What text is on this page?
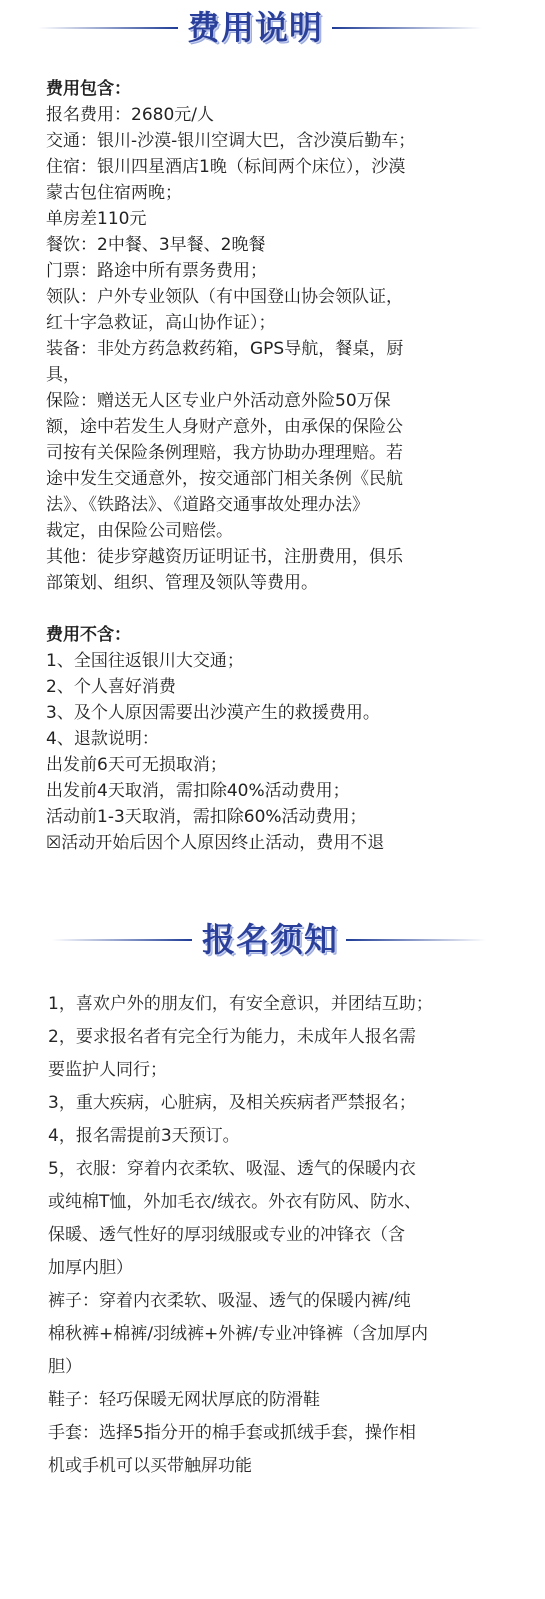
费用说明

费用包含：

报名费用：2680元/人

交通：银川-沙漠-银川空调大巴，含沙漠后勤车；

住宿：银川四星酒店1晚（标间两个床位），沙漠

蒙古包住宿两晚；

单房差110元

餐饮：2中餐、3早餐、2晚餐

门票：路途中所有票务费用；

领队：户外专业领队（有中国登山协会领队证，

红十字急救证，高山协作证）；

装备：非处方药急救药箱，GPS导航，餐桌，厨

具，

保险：赠送无人区专业户外活动意外险50万保

额，途中若发生人身财产意外，由承保的保险公

司按有关保险条例理赔，我方协助办理理赔。若

途中发生交通意外，按交通部门相关条例《民航

法》、《铁路法》、《道路交通事故处理办法》

裁定，由保险公司赔偿。

其他：徒步穿越资历证明证书，注册费用，俱乐

部策划、组织、管理及领队等费用。

费用不含：

1、全国往返银川大交通；

2、个人喜好消费

3、及个人原因需要出沙漠产生的救援费用。

4、退款说明：

出发前6天可无损取消；

出发前4天取消，需扣除40%活动费用；

活动前1-3天取消，需扣除60%活动费用；

☒活动开始后因个人原因终止活动，费用不退

报名须知

1，喜欢户外的朋友们，有安全意识，并团结互助；

2，要求报名者有完全行为能力，未成年人报名需

要监护人同行；

3，重大疾病，心脏病，及相关疾病者严禁报名；

4，报名需提前3天预订。

5，衣服：穿着内衣柔软、吸湿、透气的保暖内衣

或纯棉T恤，外加毛衣/绒衣。外衣有防风、防水、

保暖、透气性好的厚羽绒服或专业的冲锋衣（含

加厚内胆）

裤子：穿着内衣柔软、吸湿、透气的保暖内裤/纯

棉秋裤+棉裤/羽绒裤+外裤/专业冲锋裤（含加厚内

胆）

鞋子：轻巧保暖无网状厚底的防滑鞋

手套：选择5指分开的棉手套或抓绒手套，操作相

机或手机可以买带触屏功能
